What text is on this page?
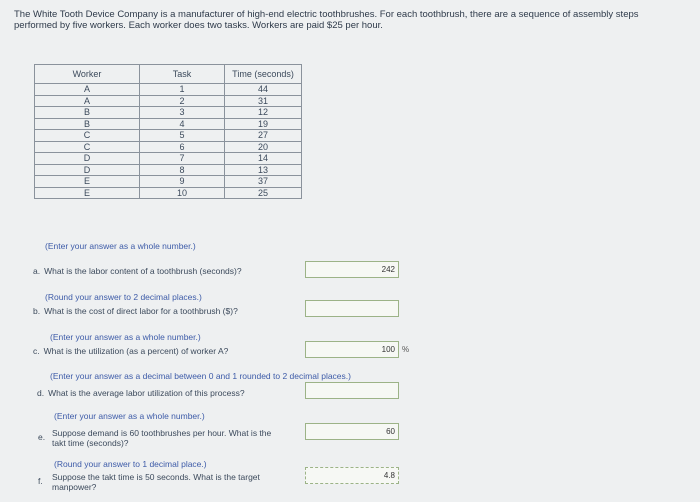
The White Tooth Device Company is a manufacturer of high-end electric toothbrushes. For each toothbrush, there are a sequence of assembly steps performed by five workers. Each worker does two tasks. Workers are paid $25 per hour.
Worker	Task	Time (seconds)
A	1	44
A	2	31
B	3	12
B	4	19
C	5	27
C	6	20
D	7	14
D	8	13
E	9	37
E	10	25
(Enter your answer as a whole number.)
a. What is the labor content of a toothbrush (seconds)?	242
(Round your answer to 2 decimal places.)
b. What is the cost of direct labor for a toothbrush ($)?
(Enter your answer as a whole number.)
c. What is the utilization (as a percent) of worker A?	100 %
(Enter your answer as a decimal between 0 and 1 rounded to 2 decimal places.)
d. What is the average labor utilization of this process?
(Enter your answer as a whole number.)
e. Suppose demand is 60 toothbrushes per hour. What is the
takt time (seconds)?
60
(Round your answer to 1 decimal place.)
f. Suppose the takt time is 50 seconds. What is the target
manpower?
4.8
